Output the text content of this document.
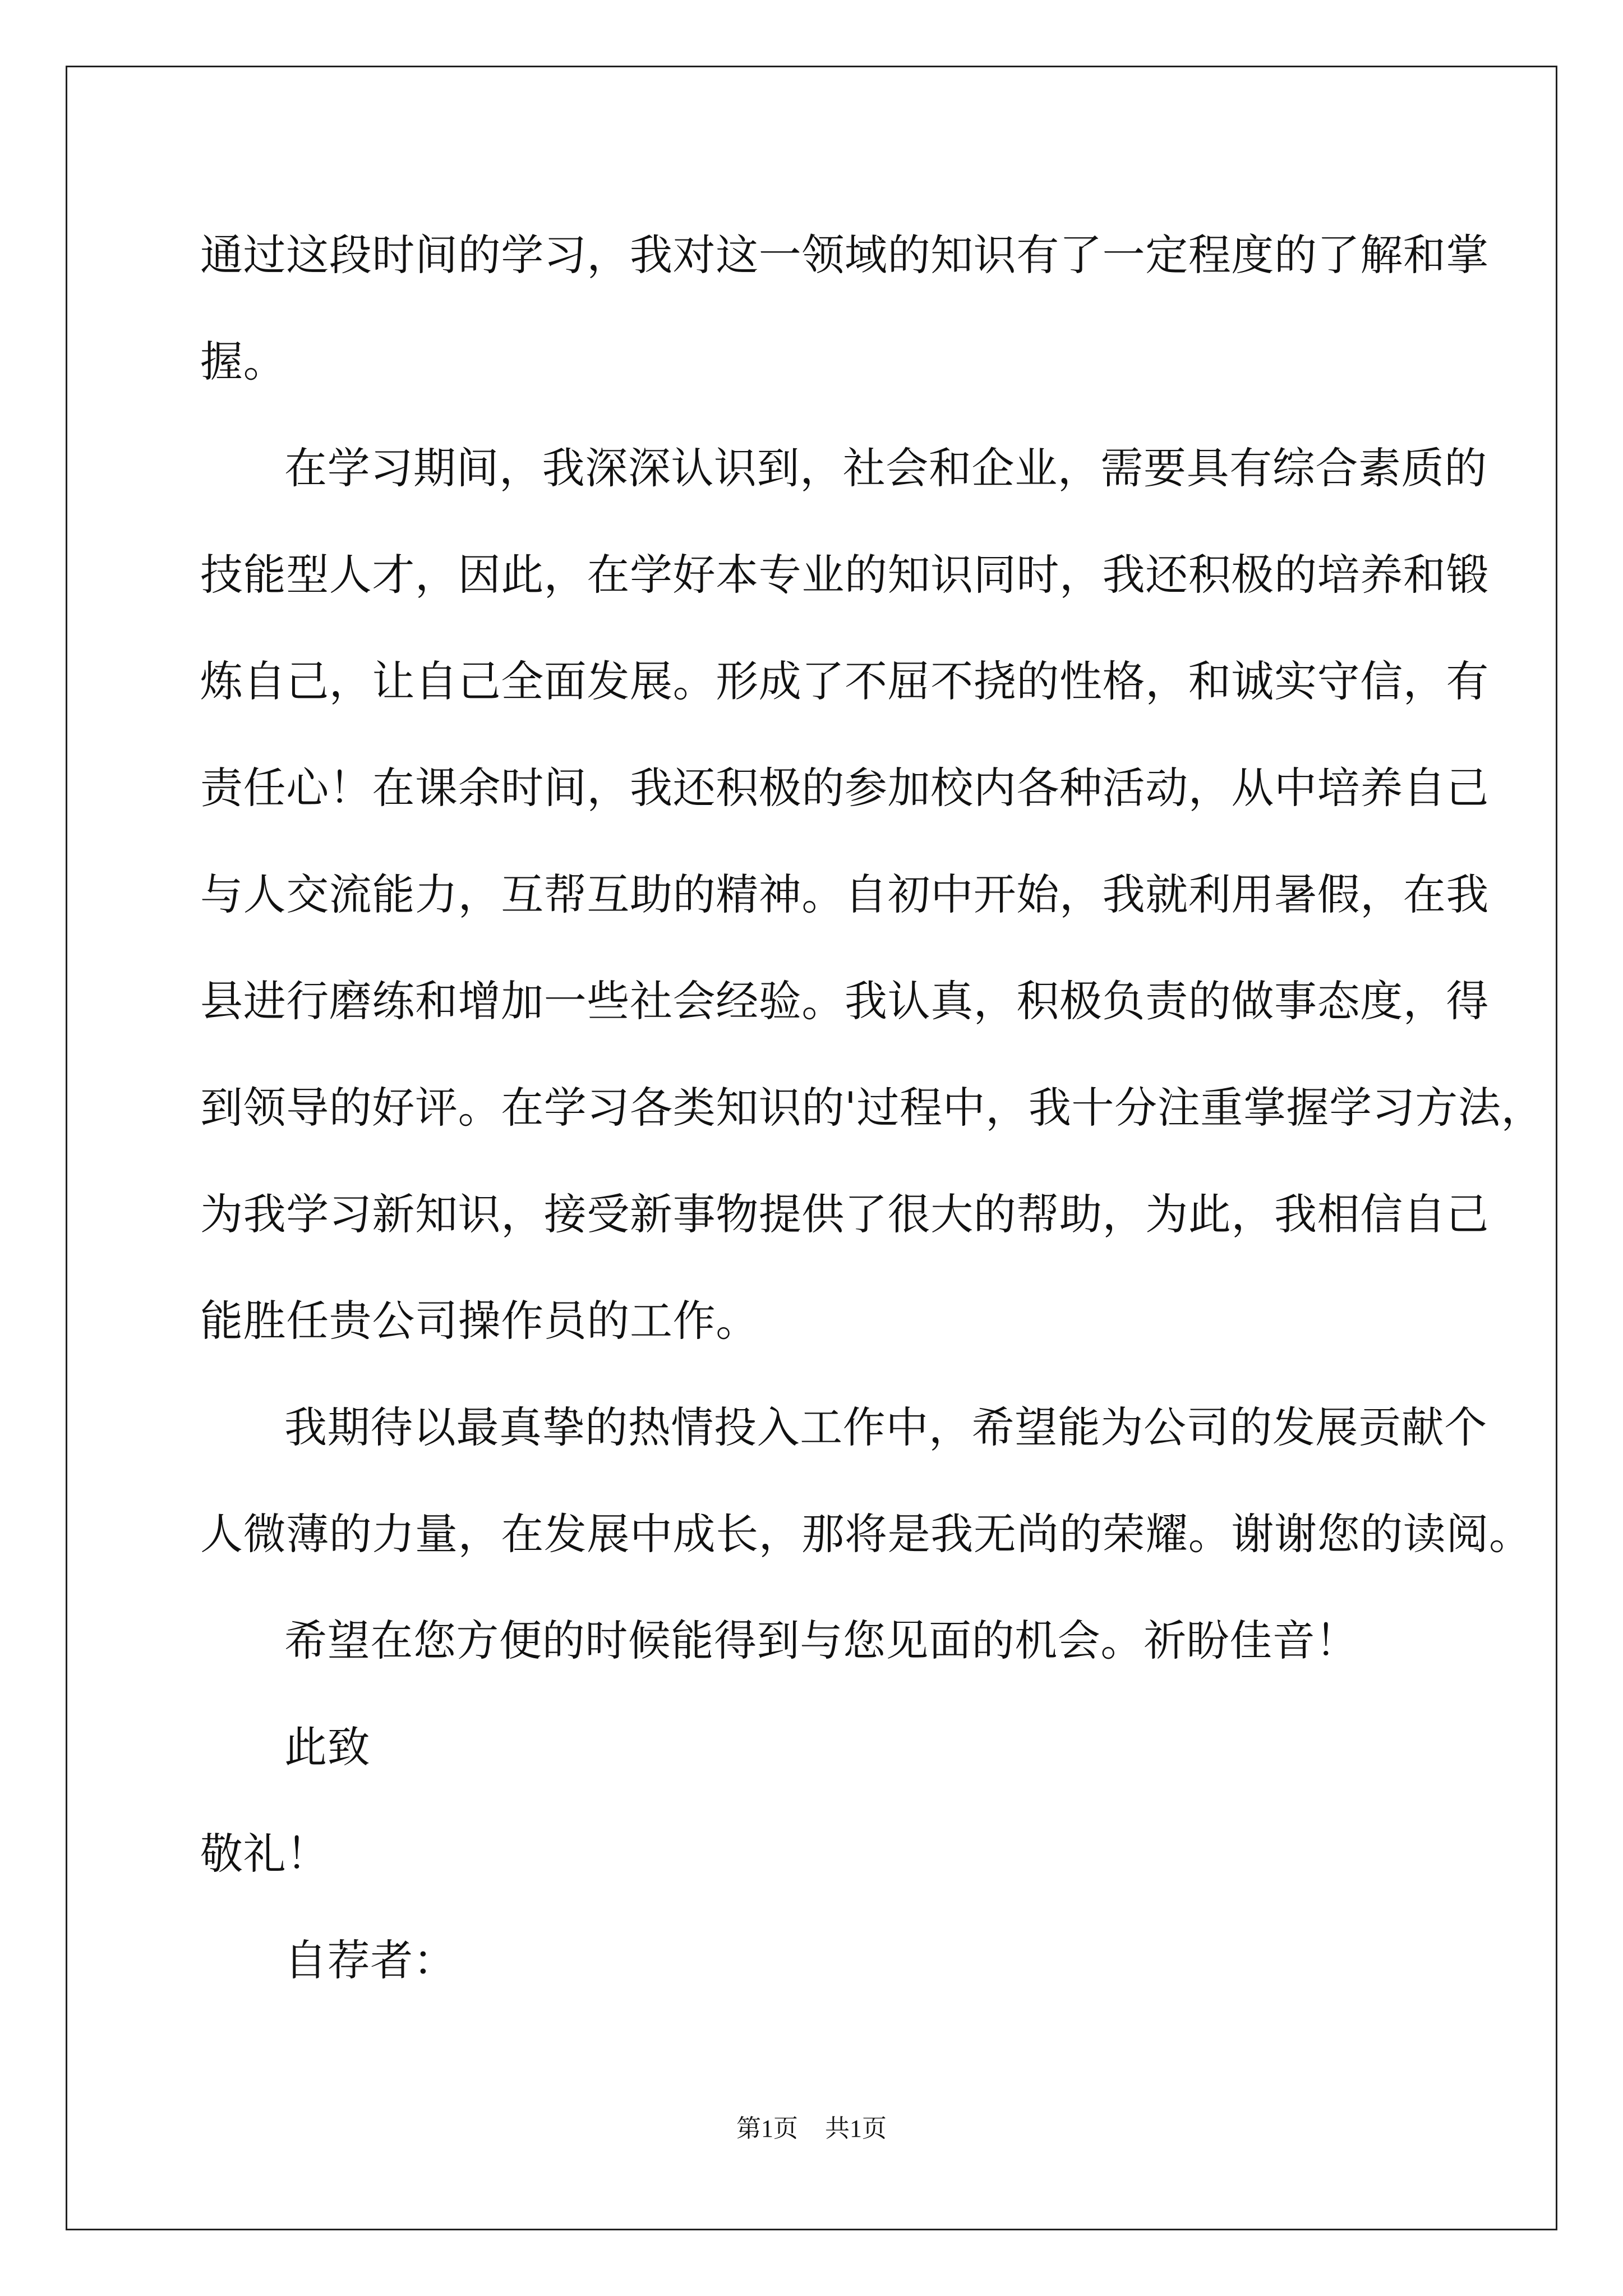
通过这段时间的学习，我对这一领域的知识有了一定程度的了解和掌
握。
在学习期间，我深深认识到，社会和企业，需要具有综合素质的
技能型人才，因此，在学好本专业的知识同时，我还积极的培养和锻
炼自己，让自己全面发展。形成了不屈不挠的性格，和诚实守信，有
责任心！在课余时间，我还积极的参加校内各种活动，从中培养自己
与人交流能力，互帮互助的精神。自初中开始，我就利用暑假，在我
县进行磨练和增加一些社会经验。我认真，积极负责的做事态度，得
到领导的好评。在学习各类知识的'过程中，我十分注重掌握学习方法，
为我学习新知识，接受新事物提供了很大的帮助，为此，我相信自己
能胜任贵公司操作员的工作。
我期待以最真挚的热情投入工作中，希望能为公司的发展贡献个
人微薄的力量，在发展中成长，那将是我无尚的荣耀。谢谢您的读阅。
希望在您方便的时候能得到与您见面的机会。祈盼佳音！
此致
敬礼！
自荐者：
第1页 共1页
